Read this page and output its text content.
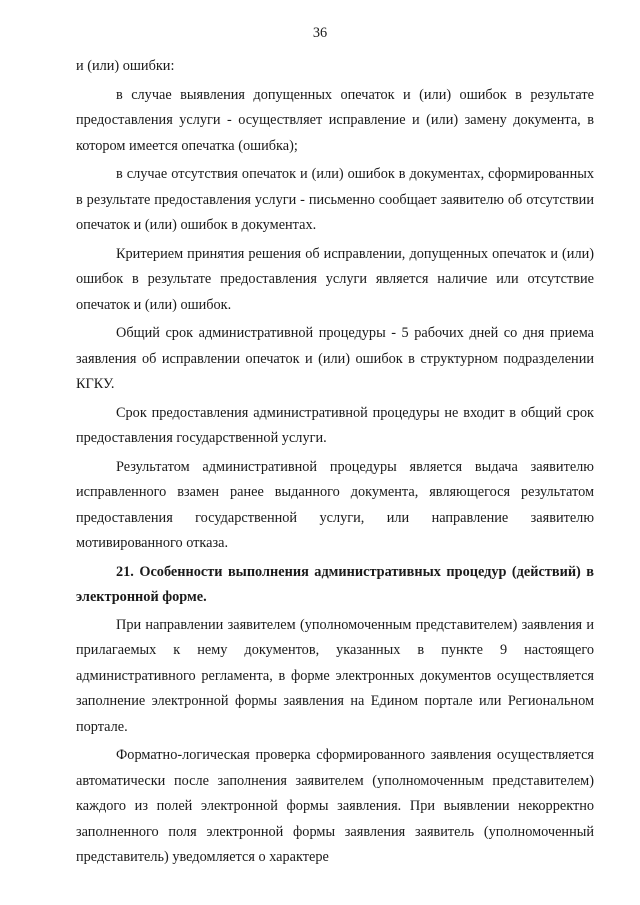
36

и (или) ошибки:

в случае выявления допущенных опечаток и (или) ошибок в результате предоставления услуги - осуществляет исправление и (или) замену документа, в котором имеется опечатка (ошибка);

в случае отсутствия опечаток и (или) ошибок в документах, сформированных в результате предоставления услуги - письменно сообщает заявителю об отсутствии опечаток и (или) ошибок в документах.

Критерием принятия решения об исправлении, допущенных опечаток и (или) ошибок в результате предоставления услуги является наличие или отсутствие опечаток и (или) ошибок.

Общий срок административной процедуры - 5 рабочих дней со дня приема заявления об исправлении опечаток и (или) ошибок в структурном подразделении КГКУ.

Срок предоставления административной процедуры не входит в общий срок предоставления государственной услуги.

Результатом административной процедуры является выдача заявителю исправленного взамен ранее выданного документа, являющегося результатом предоставления государственной услуги, или направление заявителю мотивированного отказа.

21. Особенности выполнения административных процедур (действий) в электронной форме.

При направлении заявителем (уполномоченным представителем) заявления и прилагаемых к нему документов, указанных в пункте 9 настоящего административного регламента, в форме электронных документов осуществляется заполнение электронной формы заявления на Едином портале или Региональном портале.

Форматно-логическая проверка сформированного заявления осуществляется автоматически после заполнения заявителем (уполномоченным представителем) каждого из полей электронной формы заявления. При выявлении некорректно заполненного поля электронной формы заявления заявитель (уполномоченный представитель) уведомляется о характере
